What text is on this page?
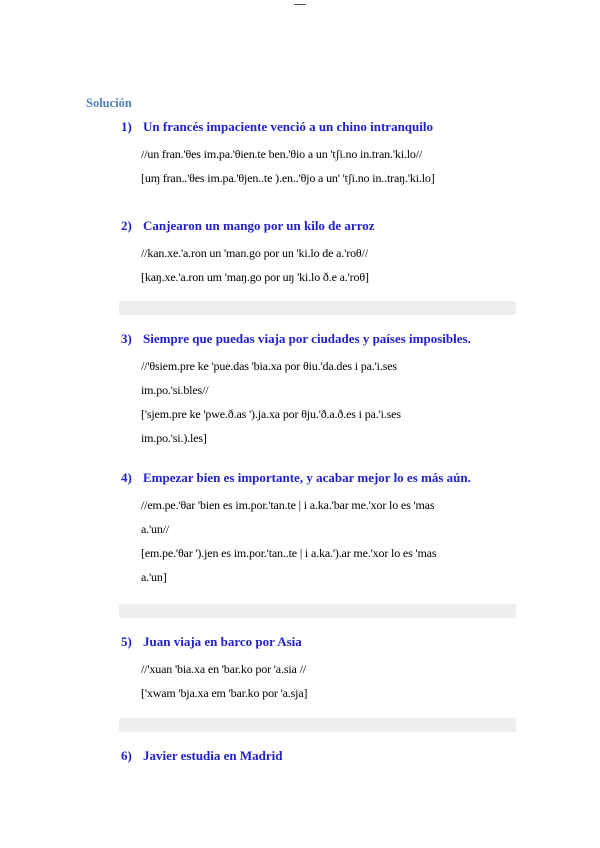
Solución
1) Un francés impaciente venció a un chino intranquilo
//un fran.'θes im.pa.'θien.te ben.'θio a un 'tʃi.no in.tran.'ki.lo//
[uɱ fran..'θes im.pa.'θjen..te ).en..'θjo a un' 'tʃi.no in..traŋ.'ki.lo]
2) Canjearon un mango por un kilo de arroz
//kan.xe.'a.ron un 'man.go por un 'ki.lo de a.'roθ//
[kaŋ.xe.'a.ron um 'maŋ.go por uŋ 'ki.lo ð.e a.'roθ]
3) Siempre que puedas viaja por ciudades y países imposibles.
//'θsiem.pre ke 'pue.das 'bia.xa por θiu.'da.des i pa.'i.ses
im.po.'si.bles//
['sjem.pre ke 'pwe.ð.as ').ja.xa por θju.'ð.a.ð.es i pa.'i.ses
im.po.'si.).les]
4) Empezar bien es importante, y acabar mejor lo es más aún.
//em.pe.'θar 'bien es im.por.'tan.te | i a.ka.'bar me.'xor lo es 'mas
a.'un//
[em.pe.'θar ').jen es im.por.'tan..te | i a.ka.').ar me.'xor lo es 'mas
a.'un]
5) Juan viaja en barco por Asia
//'xuan 'bia.xa en 'bar.ko por 'a.sia //
['xwam 'bja.xa em 'bar.ko por 'a.sja]
6) Javier estudia en Madrid
